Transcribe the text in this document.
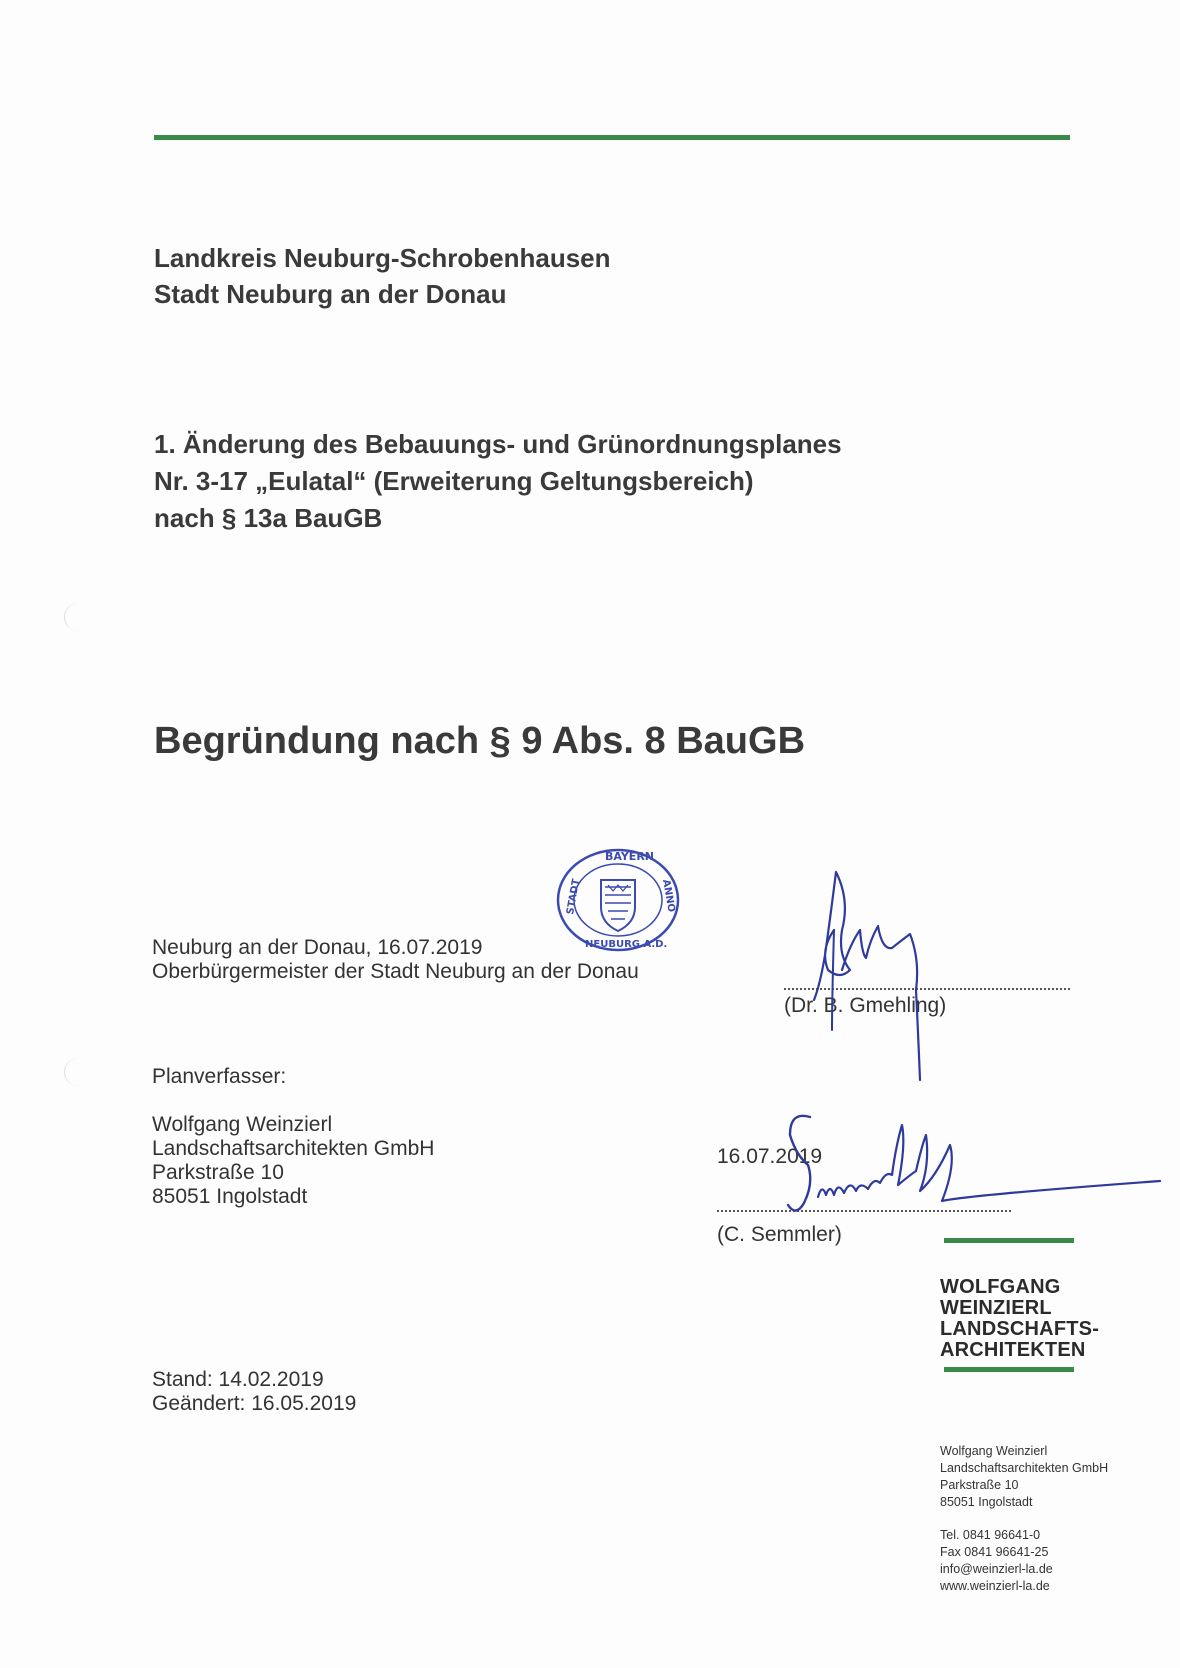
Landkreis Neuburg-Schrobenhausen
Stadt Neuburg an der Donau
1. Änderung des Bebauungs- und Grünordnungsplanes
Nr. 3-17 „Eulatal“ (Erweiterung Geltungsbereich)
nach § 13a BauGB
Begründung nach § 9 Abs. 8 BauGB
BAYERN
STADT	ANNO
NEUBURG A.D.
Neuburg an der Donau, 16.07.2019
Oberbürgermeister der Stadt Neuburg an der Donau
(Dr. B. Gmehling)
Planverfasser:
Wolfgang Weinzierl
Landschaftsarchitekten GmbH
Parkstraße 10
85051 Ingolstadt
16.07.2019
(C. Semmler)
WOLFGANG
WEINZIERL
LANDSCHAFTS-
ARCHITEKTEN
Stand: 14.02.2019
Geändert: 16.05.2019
Wolfgang Weinzierl
Landschaftsarchitekten GmbH
Parkstraße 10
85051 Ingolstadt
Tel. 0841 96641-0
Fax 0841 96641-25
info@weinzierl-la.de
www.weinzierl-la.de
